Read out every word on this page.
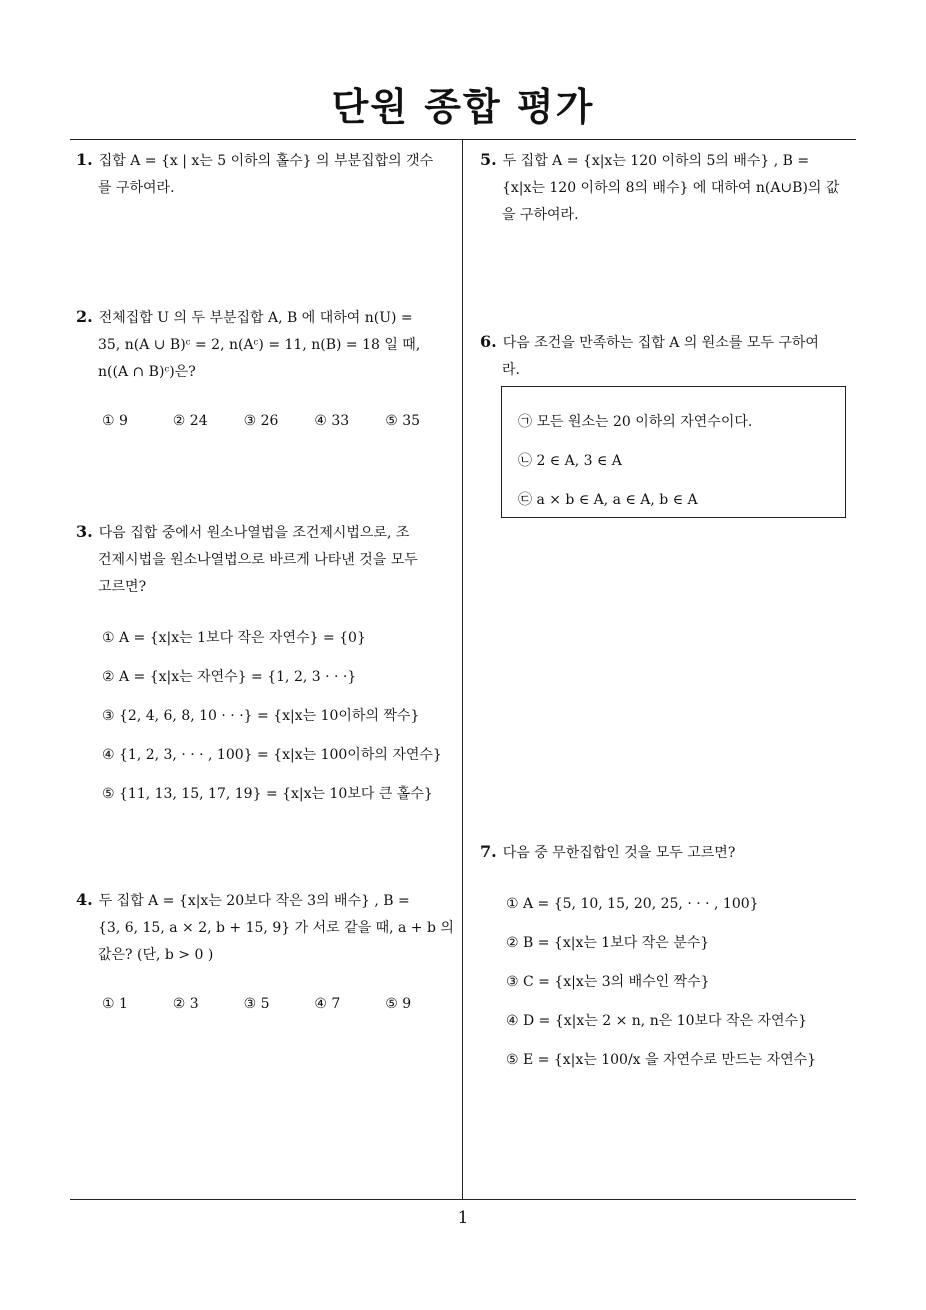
단원 종합 평가
1
1. 집합 A = {x | x는 5 이하의 홀수} 의 부분집합의 갯수
를 구하여라.
2. 전체집합 U 의 두 부분집합 A, B 에 대하여 n(U) =
35, n(A ∪ B)ᶜ = 2, n(Aᶜ) = 11, n(B) = 18 일 때,
n((A ∩ B)ᶜ)은?
① 9	② 24	③ 26	④ 33	⑤ 35
3. 다음 집합 중에서 원소나열법을 조건제시법으로, 조
건제시법을 원소나열법으로 바르게 나타낸 것을 모두
고르면?
① A = {x|x는 1보다 작은 자연수} = {0}
② A = {x|x는 자연수} = {1, 2, 3 · · ·}
③ {2, 4, 6, 8, 10 · · ·} = {x|x는 10이하의 짝수}
④ {1, 2, 3, · · · , 100} = {x|x는 100이하의 자연수}
⑤ {11, 13, 15, 17, 19} = {x|x는 10보다 큰 홀수}
4. 두 집합 A = {x|x는 20보다 작은 3의 배수} , B =
{3, 6, 15, a × 2, b + 15, 9} 가 서로 같을 때, a + b 의
값은? (단, b > 0 )
① 1	② 3	③ 5	④ 7	⑤ 9
5. 두 집합 A = {x|x는 120 이하의 5의 배수} , B =
{x|x는 120 이하의 8의 배수} 에 대하여 n(A∪B)의 값
을 구하여라.
6. 다음 조건을 만족하는 집합 A 의 원소를 모두 구하여
라.
㉠ 모든 원소는 20 이하의 자연수이다.
㉡ 2 ∈ A, 3 ∈ A
㉢ a × b ∈ A, a ∈ A, b ∈ A
7. 다음 중 무한집합인 것을 모두 고르면?
① A = {5, 10, 15, 20, 25, · · · , 100}
② B = {x|x는 1보다 작은 분수}
③ C = {x|x는 3의 배수인 짝수}
④ D = {x|x는 2 × n, n은 10보다 작은 자연수}
⑤ E = {x|x는 100/x 을 자연수로 만드는 자연수}
